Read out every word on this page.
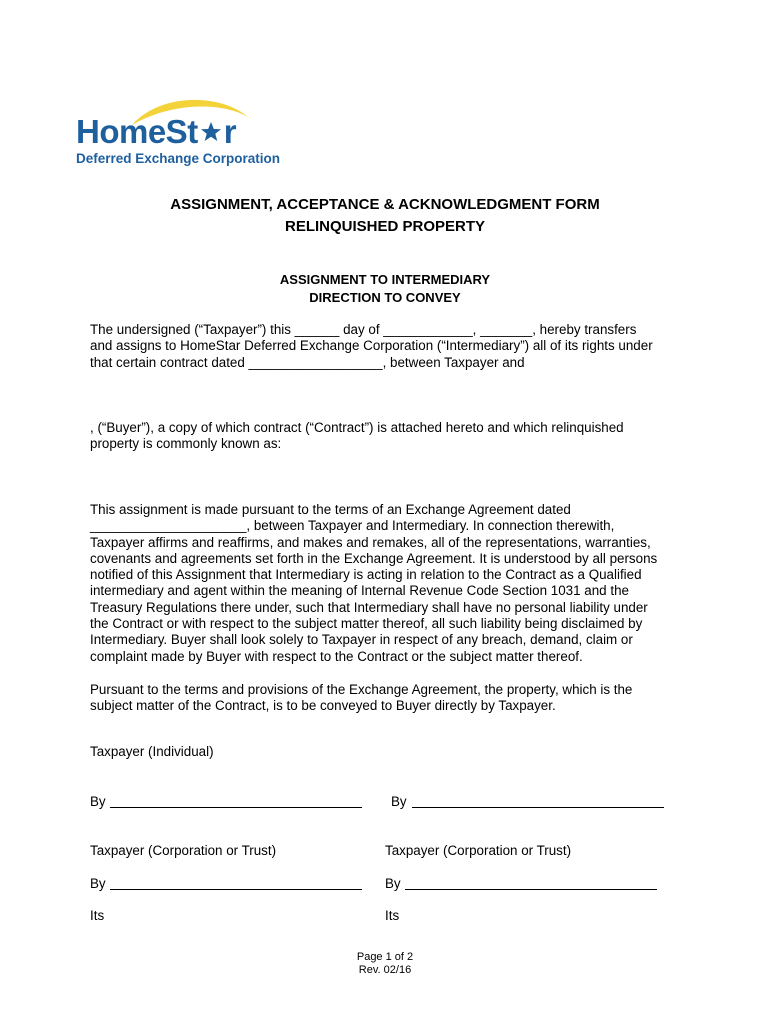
HomeSt r
Deferred Exchange Corporation
ASSIGNMENT, ACCEPTANCE & ACKNOWLEDGMENT FORM
RELINQUISHED PROPERTY
ASSIGNMENT TO INTERMEDIARY
DIRECTION TO CONVEY
The undersigned (“Taxpayer”) this ______ day of ____________, _______, hereby transfers
and assigns to HomeStar Deferred Exchange Corporation (“Intermediary”) all of its rights under
that certain contract dated __________________, between Taxpayer and
, (“Buyer”), a copy of which contract (“Contract”) is attached hereto and which relinquished
property is commonly known as:
This assignment is made pursuant to the terms of an Exchange Agreement dated
_____________________, between Taxpayer and Intermediary. In connection therewith,
Taxpayer affirms and reaffirms, and makes and remakes, all of the representations, warranties,
covenants and agreements set forth in the Exchange Agreement. It is understood by all persons
notified of this Assignment that Intermediary is acting in relation to the Contract as a Qualified
intermediary and agent within the meaning of Internal Revenue Code Section 1031 and the
Treasury Regulations there under, such that Intermediary shall have no personal liability under
the Contract or with respect to the subject matter thereof, all such liability being disclaimed by
Intermediary. Buyer shall look solely to Taxpayer in respect of any breach, demand, claim or
complaint made by Buyer with respect to the Contract or the subject matter thereof.
Pursuant to the terms and provisions of the Exchange Agreement, the property, which is the
subject matter of the Contract, is to be conveyed to Buyer directly by Taxpayer.
Taxpayer (Individual)
By	By
Taxpayer (Corporation or Trust)	Taxpayer (Corporation or Trust)
By	By
Its	Its
Page 1 of 2
Rev. 02/16
